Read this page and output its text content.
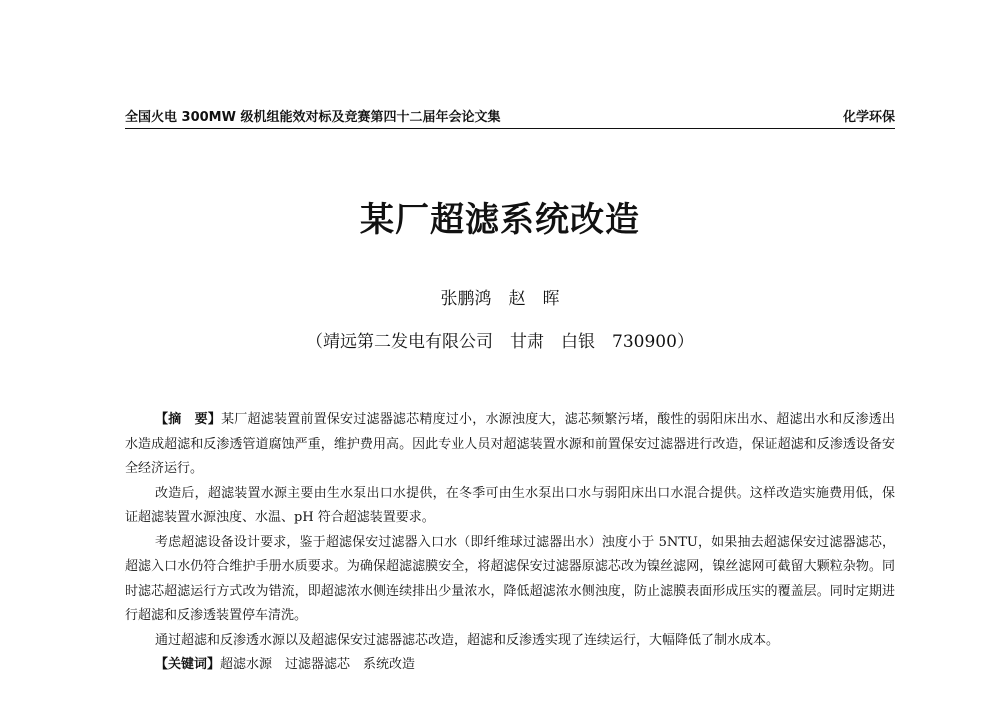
全国火电 300MW 级机组能效对标及竞赛第四十二届年会论文集	化学环保
某厂超滤系统改造
张鹏鸿　赵　晖
（靖远第二发电有限公司　甘肃　白银　730900）

【摘　要】某厂超滤装置前置保安过滤器滤芯精度过小，水源浊度大，滤芯频繁污堵，酸性的弱阳床出水、超滤出水和反渗透出水造成超滤和反渗透管道腐蚀严重，维护费用高。因此专业人员对超滤装置水源和前置保安过滤器进行改造，保证超滤和反渗透设备安全经济运行。

改造后，超滤装置水源主要由生水泵出口水提供，在冬季可由生水泵出口水与弱阳床出口水混合提供。这样改造实施费用低，保证超滤装置水源浊度、水温、pH 符合超滤装置要求。

考虑超滤设备设计要求，鉴于超滤保安过滤器入口水（即纤维球过滤器出水）浊度小于 5NTU，如果抽去超滤保安过滤器滤芯，超滤入口水仍符合维护手册水质要求。为确保超滤滤膜安全，将超滤保安过滤器原滤芯改为镍丝滤网，镍丝滤网可截留大颗粒杂物。同时滤芯超滤运行方式改为错流，即超滤浓水侧连续排出少量浓水，降低超滤浓水侧浊度，防止滤膜表面形成压实的覆盖层。同时定期进行超滤和反渗透装置停车清洗。

通过超滤和反渗透水源以及超滤保安过滤器滤芯改造，超滤和反渗透实现了连续运行，大幅降低了制水成本。

【关键词】超滤水源　过滤器滤芯　系统改造
